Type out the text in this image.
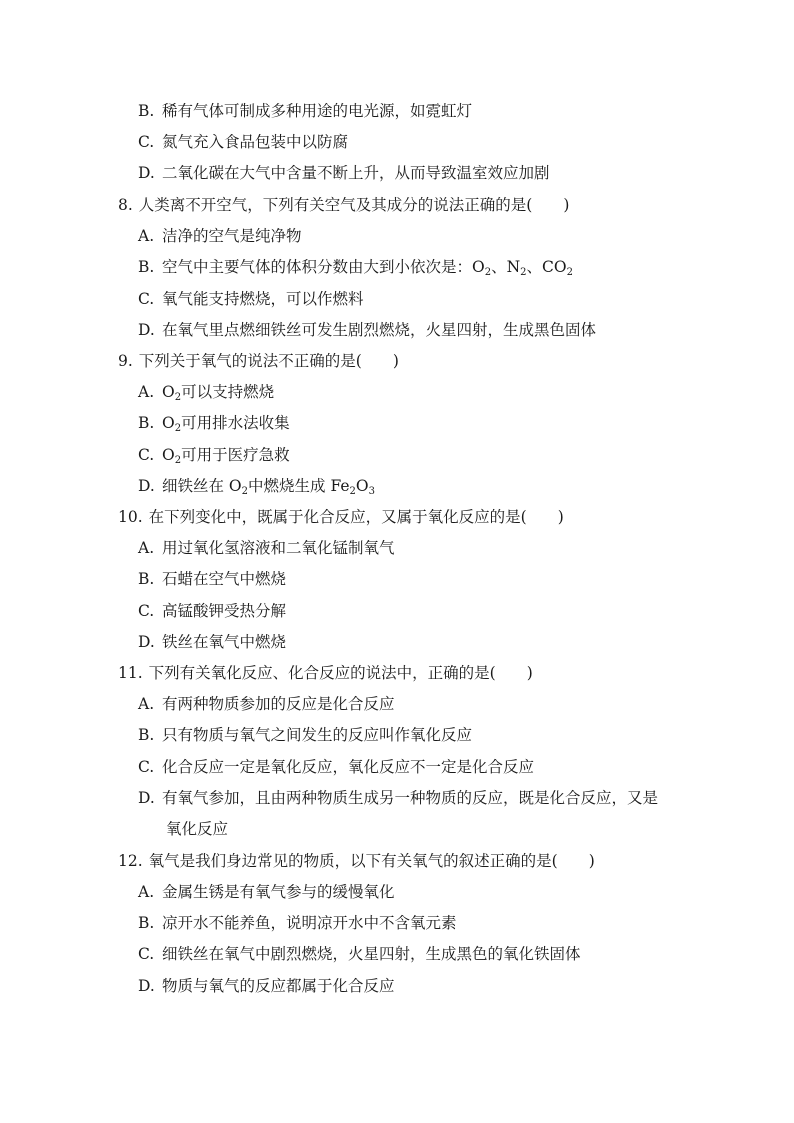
B. 稀有气体可制成多种用途的电光源，如霓虹灯
C. 氮气充入食品包装中以防腐
D. 二氧化碳在大气中含量不断上升，从而导致温室效应加剧
8. 人类离不开空气，下列有关空气及其成分的说法正确的是(　　)
A. 洁净的空气是纯净物
B. 空气中主要气体的体积分数由大到小依次是：$O_2$、$N_2$、$CO_2$
C. 氧气能支持燃烧，可以作燃料
D. 在氧气里点燃细铁丝可发生剧烈燃烧，火星四射，生成黑色固体
9. 下列关于氧气的说法不正确的是(　　)
A. $O_2$可以支持燃烧
B. $O_2$可用排水法收集
C. $O_2$可用于医疗急救
D. 细铁丝在 $O_2$中燃烧生成 $Fe_2O_3$
10. 在下列变化中，既属于化合反应，又属于氧化反应的是(　　)
A. 用过氧化氢溶液和二氧化锰制氧气
B. 石蜡在空气中燃烧
C. 高锰酸钾受热分解
D. 铁丝在氧气中燃烧
11. 下列有关氧化反应、化合反应的说法中，正确的是(　　)
A. 有两种物质参加的反应是化合反应
B. 只有物质与氧气之间发生的反应叫作氧化反应
C. 化合反应一定是氧化反应，氧化反应不一定是化合反应
D. 有氧气参加，且由两种物质生成另一种物质的反应，既是化合反应，又是
氧化反应
12. 氧气是我们身边常见的物质，以下有关氧气的叙述正确的是(　　)
A. 金属生锈是有氧气参与的缓慢氧化
B. 凉开水不能养鱼，说明凉开水中不含氧元素
C. 细铁丝在氧气中剧烈燃烧，火星四射，生成黑色的氧化铁固体
D. 物质与氧气的反应都属于化合反应
